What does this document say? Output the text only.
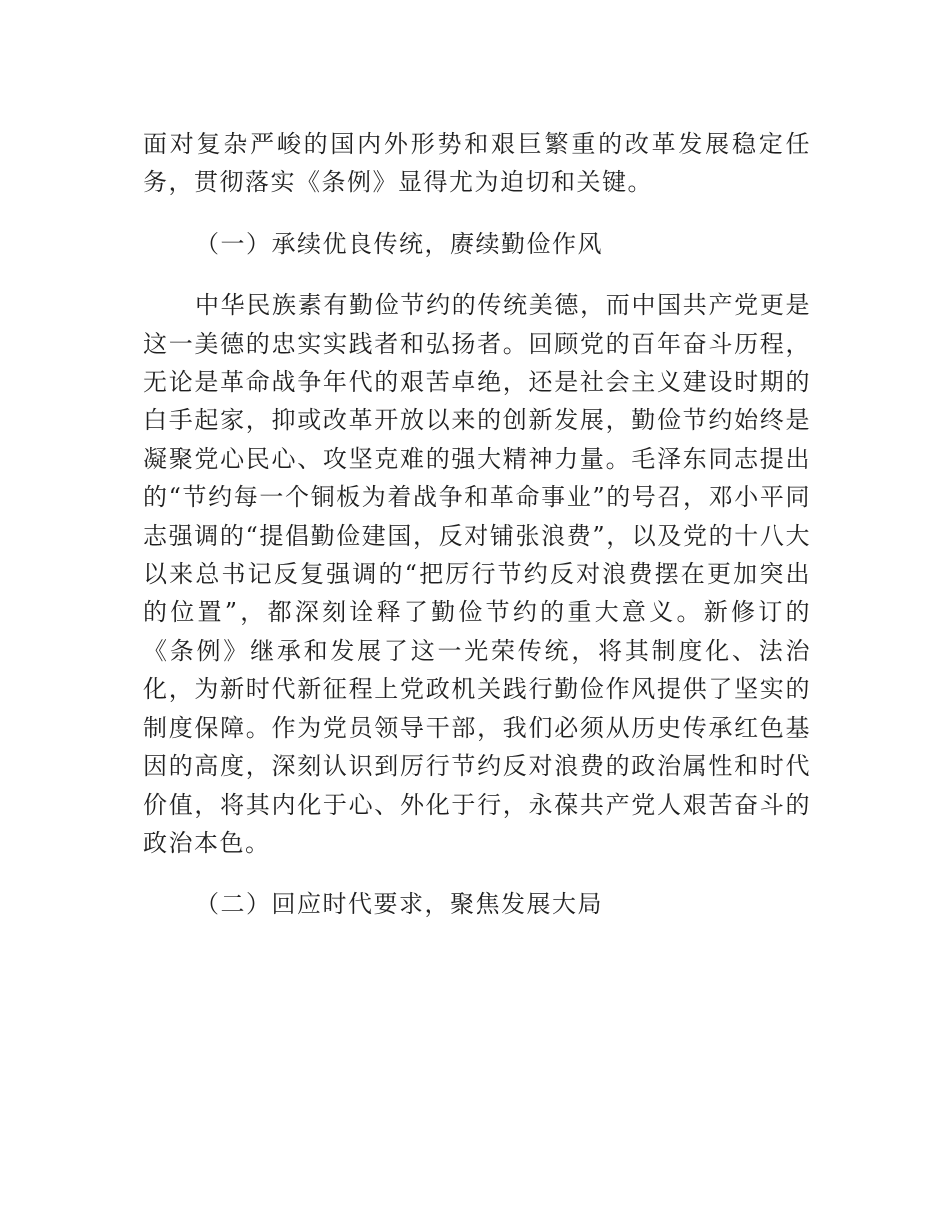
面对复杂严峻的国内外形势和艰巨繁重的改革发展稳定任务，贯彻落实《条例》显得尤为迫切和关键。

（一）承续优良传统，赓续勤俭作风

中华民族素有勤俭节约的传统美德，而中国共产党更是这一美德的忠实实践者和弘扬者。回顾党的百年奋斗历程，无论是革命战争年代的艰苦卓绝，还是社会主义建设时期的白手起家，抑或改革开放以来的创新发展，勤俭节约始终是凝聚党心民心、攻坚克难的强大精神力量。毛泽东同志提出的“节约每一个铜板为着战争和革命事业”的号召，邓小平同志强调的“提倡勤俭建国，反对铺张浪费”，以及党的十八大以来总书记反复强调的“把厉行节约反对浪费摆在更加突出的位置”，都深刻诠释了勤俭节约的重大意义。新修订的《条例》继承和发展了这一光荣传统，将其制度化、法治化，为新时代新征程上党政机关践行勤俭作风提供了坚实的制度保障。作为党员领导干部，我们必须从历史传承红色基因的高度，深刻认识到厉行节约反对浪费的政治属性和时代价值，将其内化于心、外化于行，永葆共产党人艰苦奋斗的政治本色。

（二）回应时代要求，聚焦发展大局
